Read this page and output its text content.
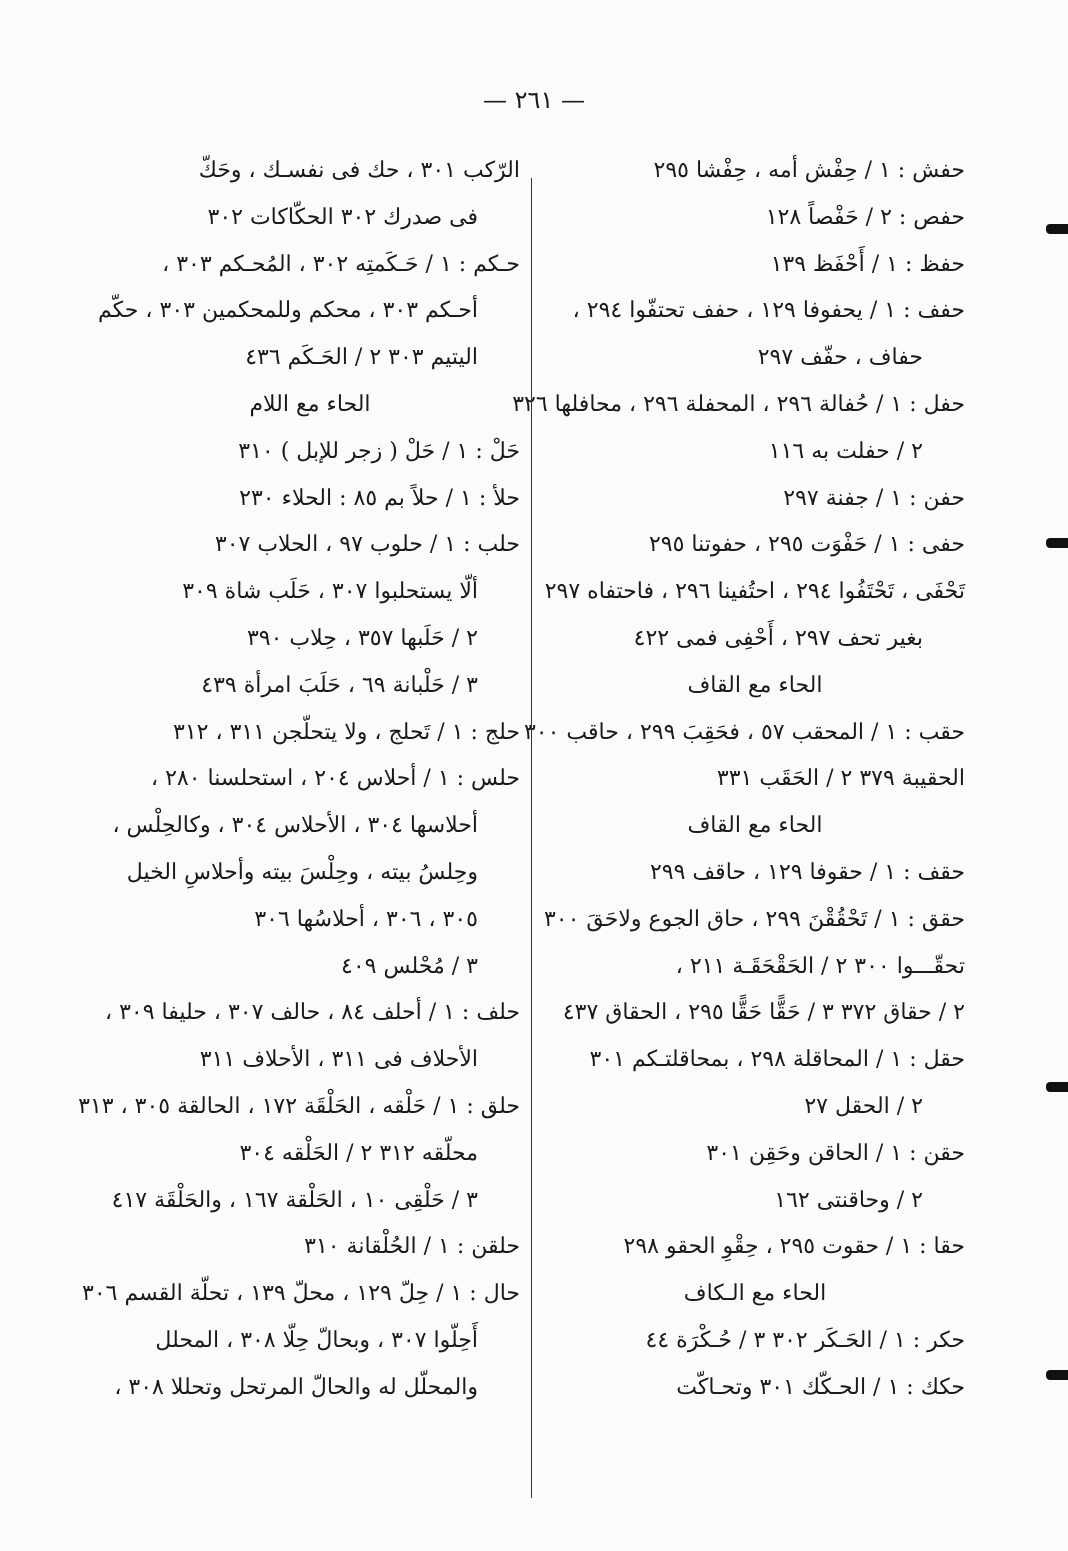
— ٢٦١ —
حفش : ١ / حِفْش أمه ، حِفْشا ٢٩٥
حفص : ٢ / حَفْصاً ١٢٨
حفظ : ١ / أَحْفَظ ١٣٩
حفف : ١ / يحفوفا ١٢٩ ، حفف تحتفّوا ٢٩٤ ،
حفاف ، حفّف ٢٩٧
حفل : ١ / حُفالة ٢٩٦ ، المحفلة ٢٩٦ ، محافلها ٣٢٦
٢ / حفلت به ١١٦
حفن : ١ / جفنة ٢٩٧
حفى : ١ / حَفْوَت ٢٩٥ ، حفوتنا ٢٩٥
تَحْفَى ، تَحْتَفُوا ٢٩٤ ، احتُفينا ٢٩٦ ، فاحتفاه ٢٩٧
بغير تحف ٢٩٧ ، أَحْفِى فمى ٤٢٢
الحاء مع القاف
حقب : ١ / المحقب ٥٧ ، فحَقِبَ ٢٩٩ ، حاقب ٣٠٠
الحقيبة ٣٧٩ ٢ / الحَقَب ٣٣١
الحاء مع القاف
حقف : ١ / حقوفا ١٢٩ ، حاقف ٢٩٩
حقق : ١ / تَحْقُقْنَ ٢٩٩ ، حاق الجوع ولاحَقَ ٣٠٠
تحقّـــوا ٣٠٠ ٢ / الحَقْحَقَـة ٢١١ ،
٢ / حقاق ٣٧٢ ٣ / حَقًّا حَقًّا ٢٩٥ ، الحقاق ٤٣٧
حقل : ١ / المحاقلة ٢٩٨ ، بمحاقلتـكم ٣٠١
٢ / الحقل ٢٧
حقن : ١ / الحاقن وحَقِن ٣٠١
٢ / وحاقنتى ١٦٢
حقا : ١ / حقوت ٢٩٥ ، حِقْوِ الحقو ٢٩٨
الحاء مع الـكاف
حكر : ١ / الحَـكَر ٣٠٢ ٣ / حُـكْرَة ٤٤
حكك : ١ / الحـكّك ٣٠١ وتحـاكّت
الرّكب ٣٠١ ، حك فى نفسـك ، وحَكّ
فى صدرك ٣٠٢ الحكّاكات ٣٠٢
حـكم : ١ / حَـكَمتِه ٣٠٢ ، المُحـكم ٣٠٣ ،
أحـكم ٣٠٣ ، محكم وللمحكمين ٣٠٣ ، حكّم
اليتيم ٣٠٣ ٢ / الحَـكَم ٤٣٦
الحاء مع اللام
حَلْ : ١ / حَلْ ( زجر للإبل ) ٣١٠
حلأ : ١ / حلاً بم ٨٥ : الحلاء ٢٣٠
حلب : ١ / حلوب ٩٧ ، الحلاب ٣٠٧
ألّا يستحلبوا ٣٠٧ ، حَلَب شاة ٣٠٩
٢ / حَلَبها ٣٥٧ ، حِلاب ٣٩٠
٣ / حَلْبانة ٦٩ ، حَلَبَ امرأة ٤٣٩
حلج : ١ / تَحلج ، ولا يتحلّجن ٣١١ ، ٣١٢
حلس : ١ / أحلاس ٢٠٤ ، استحلسنا ٢٨٠ ،
أحلاسها ٣٠٤ ، الأحلاس ٣٠٤ ، وكالحِلْس ،
وحِلسُ بيته ، وحِلْسَ بيته وأحلاسِ الخيل
٣٠٥ ، ٣٠٦ ، أحلاسُها ٣٠٦
٣ / مُحْلس ٤٠٩
حلف : ١ / أحلف ٨٤ ، حالف ٣٠٧ ، حليفا ٣٠٩ ،
الأحلاف فى ٣١١ ، الأحلاف ٣١١
حلق : ١ / حَلْقه ، الحَلْقَة ١٧٢ ، الحالقة ٣٠٥ ، ٣١٣
محلّقه ٣١٢ ٢ / الحَلْقه ٣٠٤
٣ / حَلْقِى ١٠ ، الحَلْقة ١٦٧ ، والحَلْقَة ٤١٧
حلقن : ١ / الحُلْقانة ٣١٠
حال : ١ / حِلّ ١٢٩ ، محلّ ١٣٩ ، تحلّة القسم ٣٠٦
أَحِلّوا ٣٠٧ ، وبحالّ حِلّا ٣٠٨ ، المحلل
والمحلّل له والحالّ المرتحل وتحللا ٣٠٨ ،
